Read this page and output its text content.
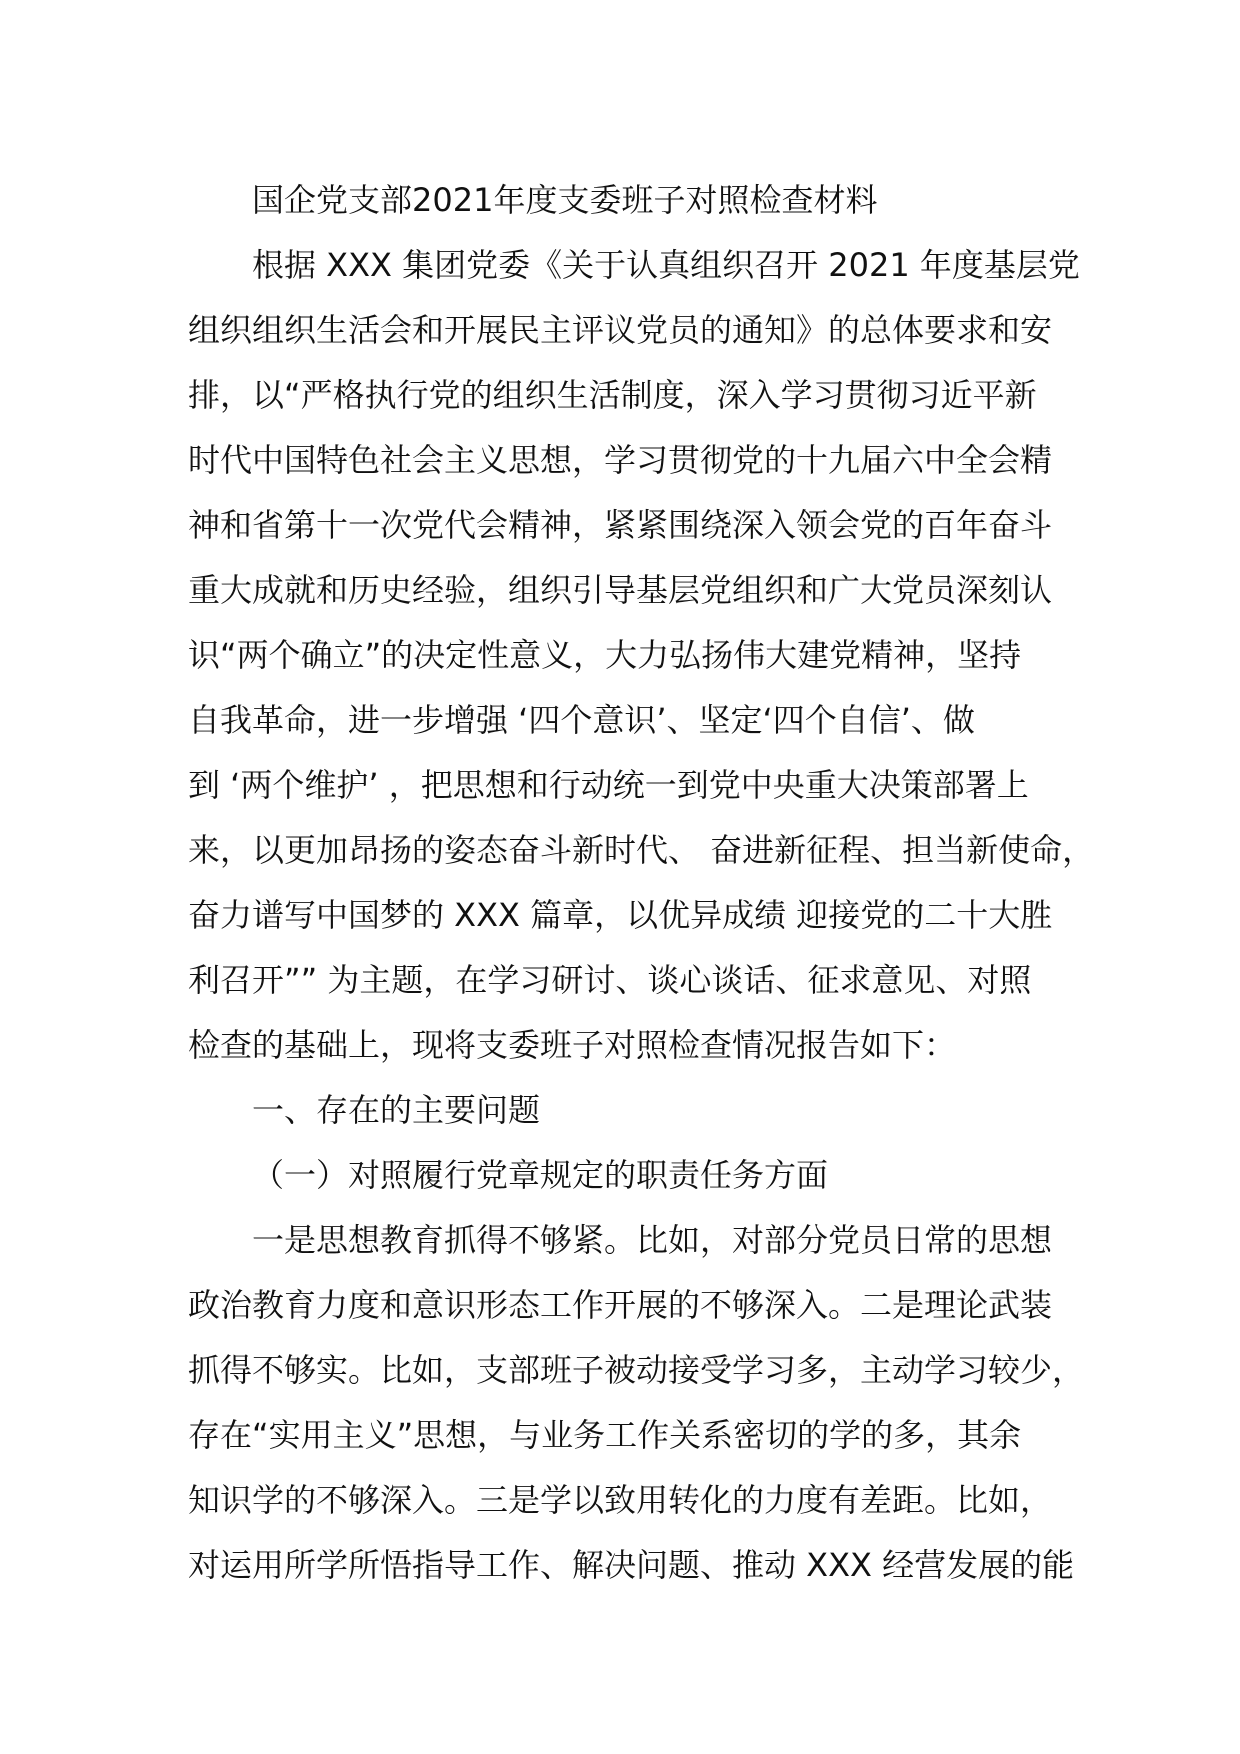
国企党支部2021年度支委班子对照检查材料
根据 XXX 集团党委《关于认真组织召开 2021 年度基层党
组织组织生活会和开展民主评议党员的通知》的总体要求和安
排，以“严格执行党的组织生活制度，深入学习贯彻习近平新
时代中国特色社会主义思想，学习贯彻党的十九届六中全会精
神和省第十一次党代会精神，紧紧围绕深入领会党的百年奋斗
重大成就和历史经验，组织引导基层党组织和广大党员深刻认
识“两个确立”的决定性意义，大力弘扬伟大建党精神，坚持
自我革命，进一步增强 ‘四个意识’、坚定‘四个自信’、做
到 ‘两个维护’ ，把思想和行动统一到党中央重大决策部署上
来，以更加昂扬的姿态奋斗新时代、 奋进新征程、担当新使命，
奋力谱写中国梦的 XXX 篇章，以优异成绩 迎接党的二十大胜
利召开”” 为主题，在学习研讨、谈心谈话、征求意见、对照
检查的基础上，现将支委班子对照检查情况报告如下：
一、存在的主要问题
（一）对照履行党章规定的职责任务方面
一是思想教育抓得不够紧。比如，对部分党员日常的思想
政治教育力度和意识形态工作开展的不够深入。二是理论武装
抓得不够实。比如，支部班子被动接受学习多，主动学习较少，
存在“实用主义”思想，与业务工作关系密切的学的多，其余
知识学的不够深入。三是学以致用转化的力度有差距。比如，
对运用所学所悟指导工作、解决问题、推动 XXX 经营发展的能
